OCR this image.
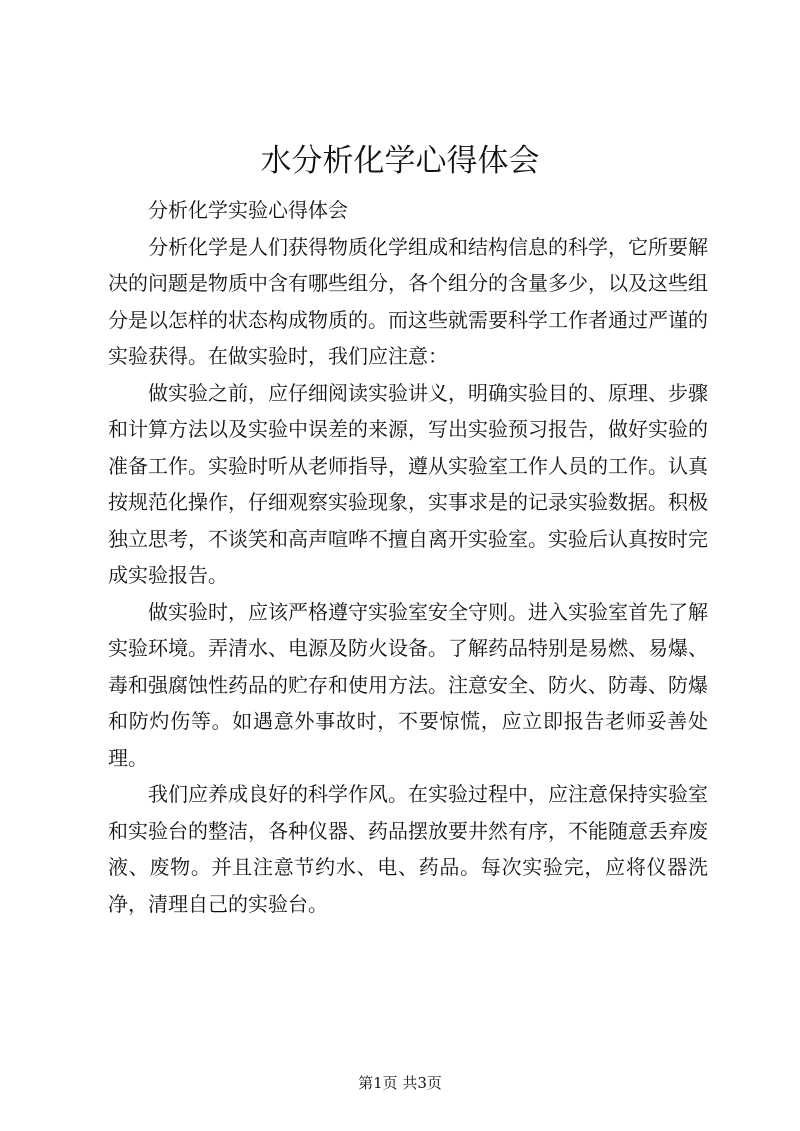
水分析化学心得体会

分析化学实验心得体会

分析化学是人们获得物质化学组成和结构信息的科学，它所要解决的问题是物质中含有哪些组分，各个组分的含量多少，以及这些组分是以怎样的状态构成物质的。而这些就需要科学工作者通过严谨的实验获得。在做实验时，我们应注意：

做实验之前，应仔细阅读实验讲义，明确实验目的、原理、步骤和计算方法以及实验中误差的来源，写出实验预习报告，做好实验的准备工作。实验时听从老师指导，遵从实验室工作人员的工作。认真按规范化操作，仔细观察实验现象，实事求是的记录实验数据。积极独立思考，不谈笑和高声喧哗不擅自离开实验室。实验后认真按时完成实验报告。

做实验时，应该严格遵守实验室安全守则。进入实验室首先了解实验环境。弄清水、电源及防火设备。了解药品特别是易燃、易爆、毒和强腐蚀性药品的贮存和使用方法。注意安全、防火、防毒、防爆和防灼伤等。如遇意外事故时，不要惊慌，应立即报告老师妥善处理。

我们应养成良好的科学作风。在实验过程中，应注意保持实验室和实验台的整洁，各种仪器、药品摆放要井然有序，不能随意丢弃废液、废物。并且注意节约水、电、药品。每次实验完，应将仪器洗净，清理自己的实验台。

第1页 共3页
